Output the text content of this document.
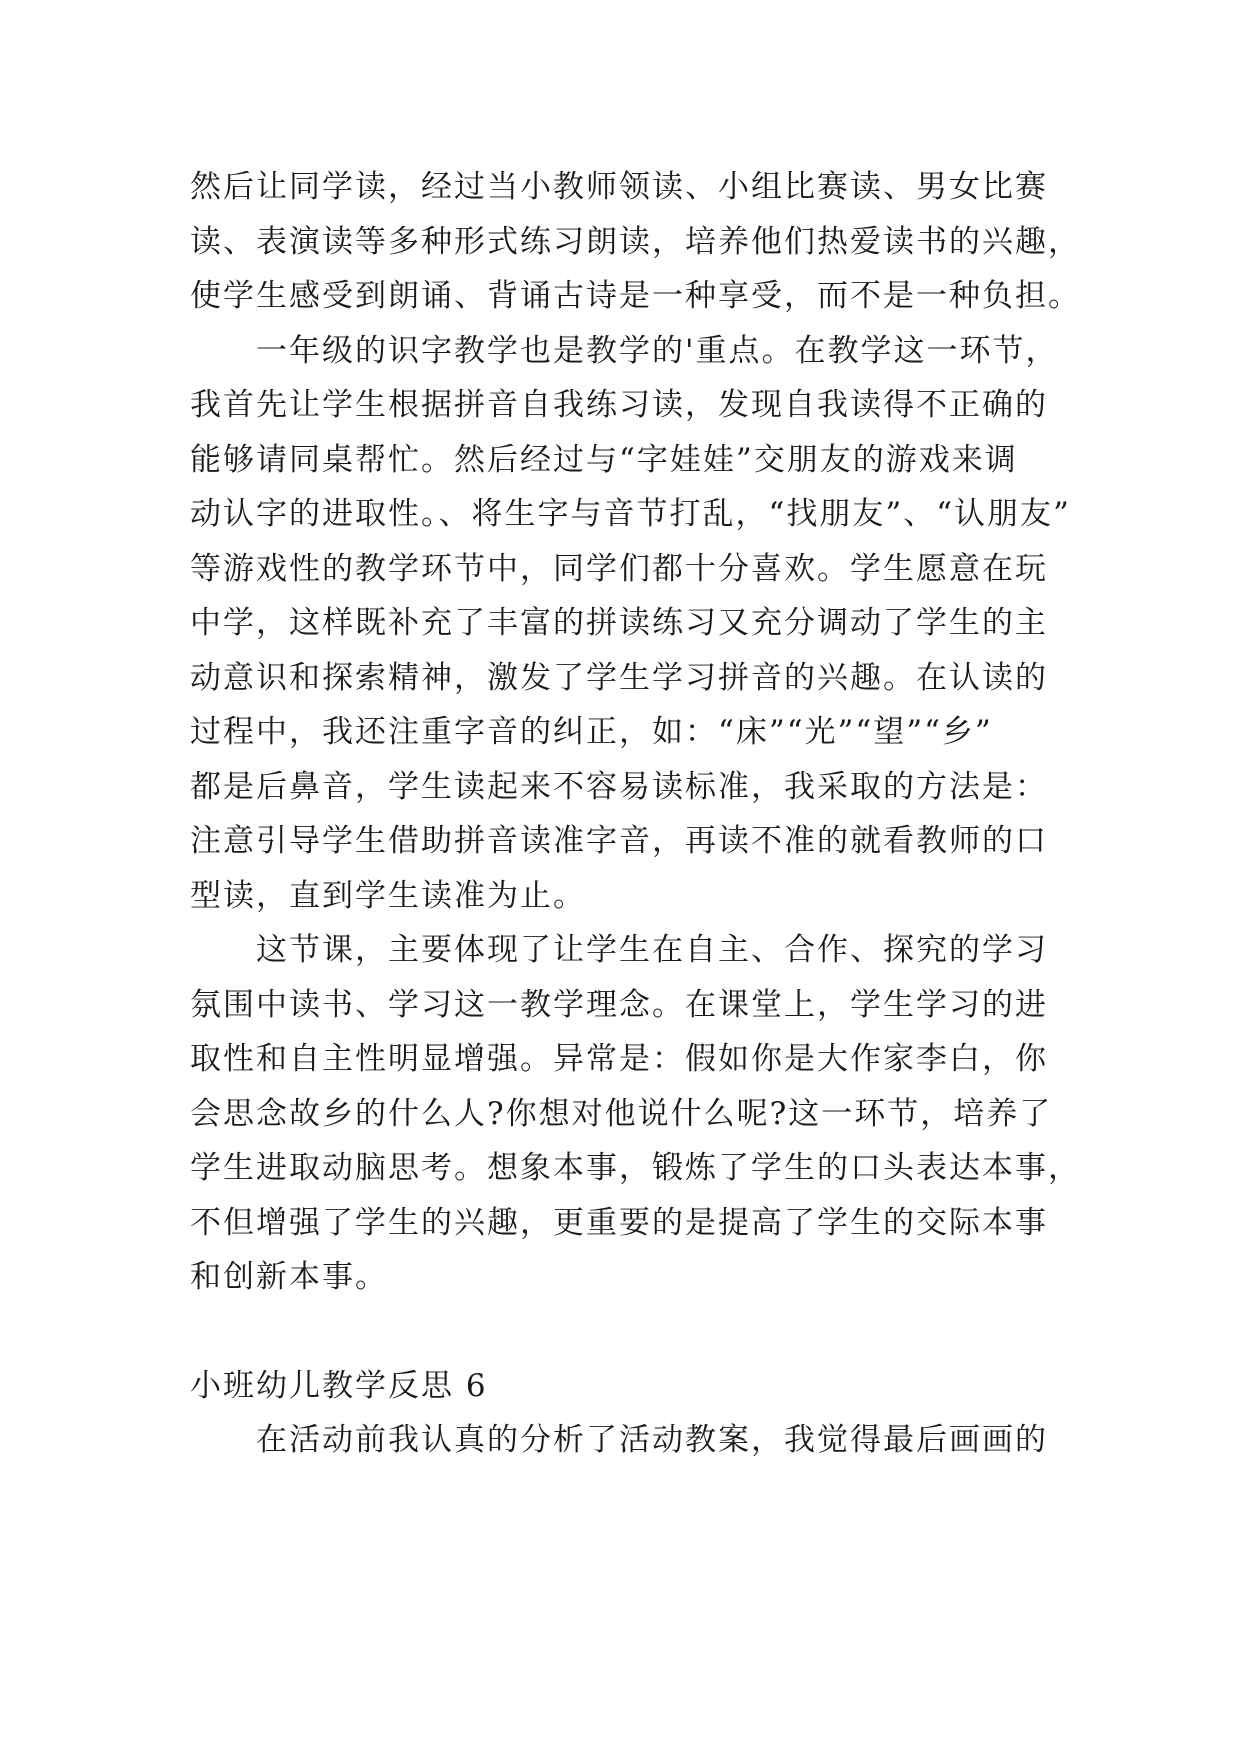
然后让同学读，经过当小教师领读、小组比赛读、男女比赛
读、表演读等多种形式练习朗读，培养他们热爱读书的兴趣，
使学生感受到朗诵、背诵古诗是一种享受，而不是一种负担。

一年级的识字教学也是教学的'重点。在教学这一环节，
我首先让学生根据拼音自我练习读，发现自我读得不正确的
能够请同桌帮忙。然后经过与“字娃娃”交朋友的游戏来调
动认字的进取性。、将生字与音节打乱，“找朋友”、“认朋友”
等游戏性的教学环节中，同学们都十分喜欢。学生愿意在玩
中学，这样既补充了丰富的拼读练习又充分调动了学生的主
动意识和探索精神，激发了学生学习拼音的兴趣。在认读的
过程中，我还注重字音的纠正，如：“床”“光”“望”“乡”
都是后鼻音，学生读起来不容易读标准，我采取的方法是：
注意引导学生借助拼音读准字音，再读不准的就看教师的口
型读，直到学生读准为止。

这节课，主要体现了让学生在自主、合作、探究的学习
氛围中读书、学习这一教学理念。在课堂上，学生学习的进
取性和自主性明显增强。异常是：假如你是大作家李白，你
会思念故乡的什么人?你想对他说什么呢?这一环节，培养了
学生进取动脑思考。想象本事，锻炼了学生的口头表达本事，
不但增强了学生的兴趣，更重要的是提高了学生的交际本事
和创新本事。

小班幼儿教学反思 6

在活动前我认真的分析了活动教案，我觉得最后画画的
